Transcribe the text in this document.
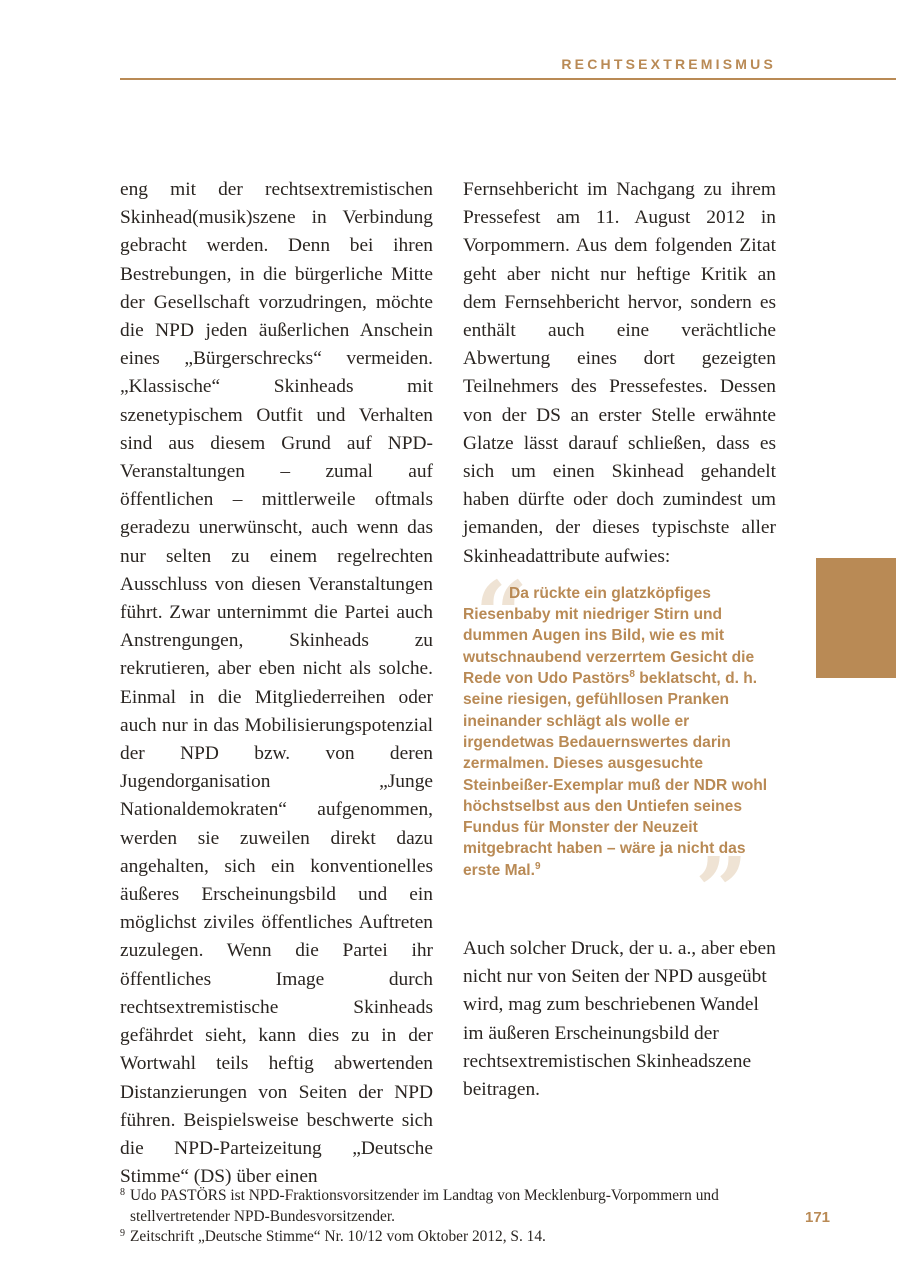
RECHTSEXTREMISMUS

eng mit der rechtsextremistischen Skinhead(musik)szene in Verbindung gebracht werden. Denn bei ihren Bestrebungen, in die bürgerliche Mitte der Gesellschaft vorzudringen, möchte die NPD jeden äußerlichen Anschein eines „Bürgerschrecks“ vermeiden. „Klassische“ Skinheads mit szenetypischem Outfit und Verhalten sind aus diesem Grund auf NPD-Veranstaltungen – zumal auf öffentlichen – mittlerweile oftmals geradezu unerwünscht, auch wenn das nur selten zu einem regelrechten Ausschluss von diesen Veranstaltungen führt. Zwar unternimmt die Partei auch Anstrengungen, Skinheads zu rekrutieren, aber eben nicht als solche. Einmal in die Mitgliederreihen oder auch nur in das Mobilisierungspotenzial der NPD bzw. von deren Jugendorganisation „Junge Nationaldemokraten“ aufgenommen, werden sie zuweilen direkt dazu angehalten, sich ein konventionelles äußeres Erscheinungsbild und ein möglichst ziviles öffentliches Auftreten zuzulegen. Wenn die Partei ihr öffentliches Image durch rechtsextremistische Skinheads gefährdet sieht, kann dies zu in der Wortwahl teils heftig abwertenden Distanzierungen von Seiten der NPD führen. Beispielsweise beschwerte sich die NPD-Parteizeitung „Deutsche Stimme“ (DS) über einen

Fernsehbericht im Nachgang zu ihrem Pressefest am 11. August 2012 in Vorpommern. Aus dem folgenden Zitat geht aber nicht nur heftige Kritik an dem Fernsehbericht hervor, sondern es enthält auch eine verächtliche Abwertung eines dort gezeigten Teilnehmers des Pressefestes. Dessen von der DS an erster Stelle erwähnte Glatze lässt darauf schließen, dass es sich um einen Skinhead gehandelt haben dürfte oder doch zumindest um jemanden, der dieses typischste aller Skinheadattribute aufwies:

“
”
Da rückte ein glatzköpfiges Riesenbaby mit niedriger Stirn und dummen Augen ins Bild, wie es mit wutschnaubend verzerrtem Gesicht die Rede von Udo Pastörs$^8$ beklatscht, d. h. seine riesigen, gefühllosen Pranken ineinander schlägt als wolle er irgendetwas Bedauernswertes darin zermalmen. Dieses ausgesuchte Steinbeißer-Exemplar muß der NDR wohl höchstselbst aus den Untiefen seines Fundus für Monster der Neuzeit mitgebracht haben – wäre ja nicht das erste Mal.$^9$

Auch solcher Druck, der u. a., aber eben nicht nur von Seiten der NPD ausgeübt wird, mag zum beschriebenen Wandel im äußeren Erscheinungsbild der rechtsextremistischen Skinheadszene beitragen.

8 Udo PASTÖRS ist NPD-Fraktionsvorsitzender im Landtag von Mecklenburg-Vorpommern und stellvertretender NPD-Bundesvorsitzender.
9 Zeitschrift „Deutsche Stimme“ Nr. 10/12 vom Oktober 2012, S. 14.
171
